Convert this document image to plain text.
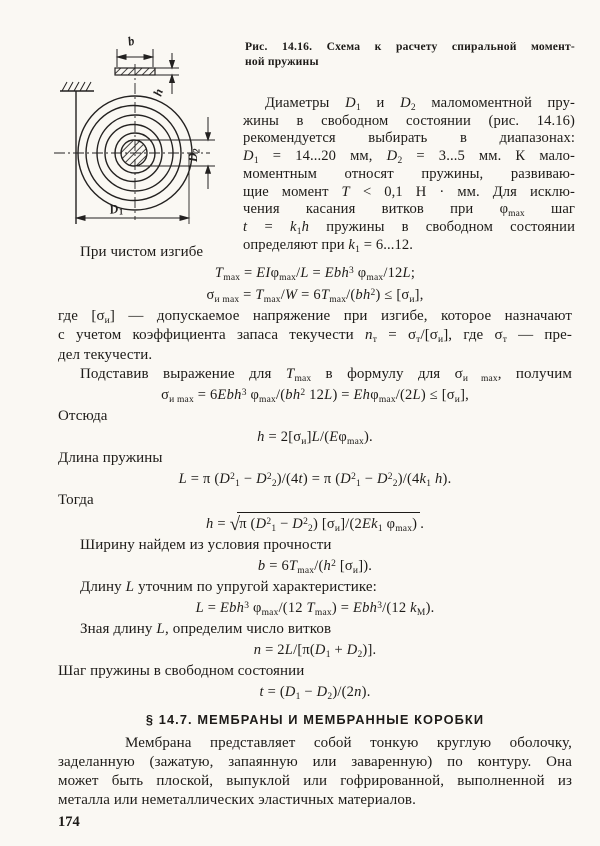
b
h
$D_2$
$D_1$
Рис. 14.16. Схема к расчету спиральной момент-
ной пружины
Диаметры $D_1$ и $D_2$ маломоментной пру-
жины в свободном состоянии (рис. 14.16)
рекомендуется выбирать в диапазонах:
$D_1 = 14...20$ мм, $D_2 = 3...5$ мм. К мало-
моментным относят пружины, развиваю-
щие момент T < 0,1 Н · мм. Для исклю-
чения касания витков при $\varphi_{max}$ шаг
$t = k_1h$ пружины в свободном состоянии
определяют при $k_1 = 6...12$.
При чистом изгибе
$T_{max} = EI\varphi_{max}/L = Ebh^3$ $\varphi_{max}/12L$;
$\sigma_{и max} = T_{max}/W = 6T_{max}/(bh^2) \le [\sigma_и]$,
где $[\sigma_и]$ — допускаемое напряжение при изгибе, которое назначают
с учетом коэффициента запаса текучести $n_т = \sigma_т/[\sigma_и]$, где $\sigma_т$ — пре-
дел текучести.
Подставив выражение для $T_{max}$ в формулу для $\sigma_{и max}$, получим
$\sigma_{и max} = 6Ebh^3$ $\varphi_{max}/(bh^2$ $12L) = Eh\varphi_{max}/(2L) \le [\sigma_и]$,
Отсюда
$h = 2[\sigma_и]L/(E\varphi_{max})$.
Длина пружины
L = π $(D^2_1 - D^2_2)/(4t) = \pi$ $(D^2_1 - D^2_2)/(4k_1$ h).
Тогда
h = √π $(D^2_1 - D^2_2)$ $[\sigma_и]/(2Ek_1$ $\varphi_{max}$) .
Ширину найдем из условия прочности
$b = 6T_{max}/(h^2$ $[\sigma_и]$).
Длину L уточним по упругой характеристике:
L = Ebh$^3$ $\varphi_{max}/(12$ $T_{max}) = Ebh^3/(12$ $k_М$).
Зная длину L, определим число витков
$n = 2L/[\pi(D_1 + D_2)]$.
Шаг пружины в свободном состоянии
$t = (D_1 - D_2)/(2n)$.
§ 14.7. МЕМБРАНЫ И МЕМБРАННЫЕ КОРОБКИ
Мембрана представляет собой тонкую круглую оболочку,
заделанную (зажатую, запаянную или заваренную) по контуру. Она
может быть плоской, выпуклой или гофрированной, выполненной из
металла или неметаллических эластичных материалов.
174
